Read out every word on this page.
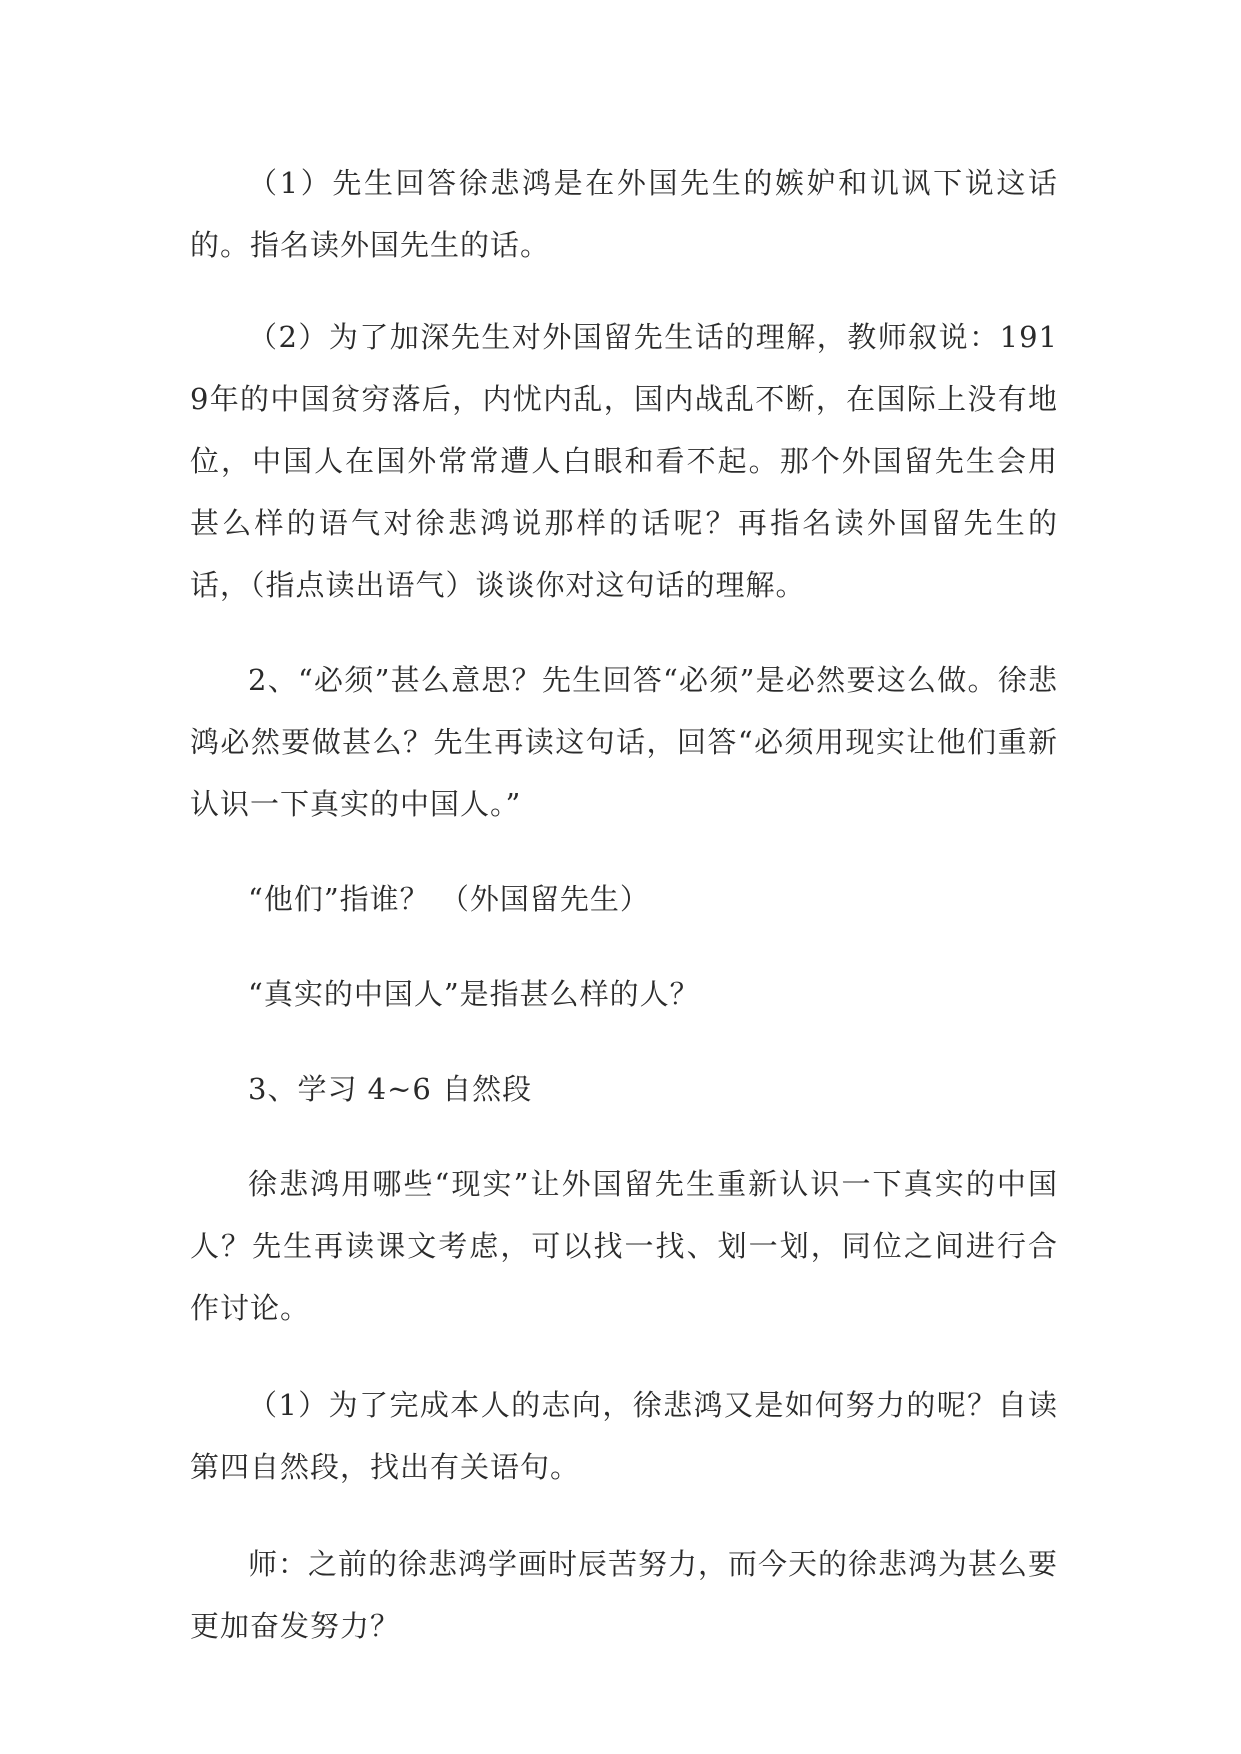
（1）先生回答徐悲鸿是在外国先生的嫉妒和讥讽下说这话的。指名读外国先生的话。

（2）为了加深先生对外国留先生话的理解，教师叙说：1919年的中国贫穷落后，内忧内乱，国内战乱不断，在国际上没有地位，中国人在国外常常遭人白眼和看不起。那个外国留先生会用甚么样的语气对徐悲鸿说那样的话呢？再指名读外国留先生的话，（指点读出语气）谈谈你对这句话的理解。

2、“必须”甚么意思？先生回答“必须”是必然要这么做。徐悲鸿必然要做甚么？先生再读这句话，回答“必须用现实让他们重新认识一下真实的中国人。”

“他们”指谁？ （外国留先生）

“真实的中国人”是指甚么样的人？

3、学习 4~6 自然段

徐悲鸿用哪些“现实”让外国留先生重新认识一下真实的中国人？先生再读课文考虑，可以找一找、划一划，同位之间进行合作讨论。

（1）为了完成本人的志向，徐悲鸿又是如何努力的呢？自读第四自然段，找出有关语句。

师：之前的徐悲鸿学画时辰苦努力，而今天的徐悲鸿为甚么要更加奋发努力？
